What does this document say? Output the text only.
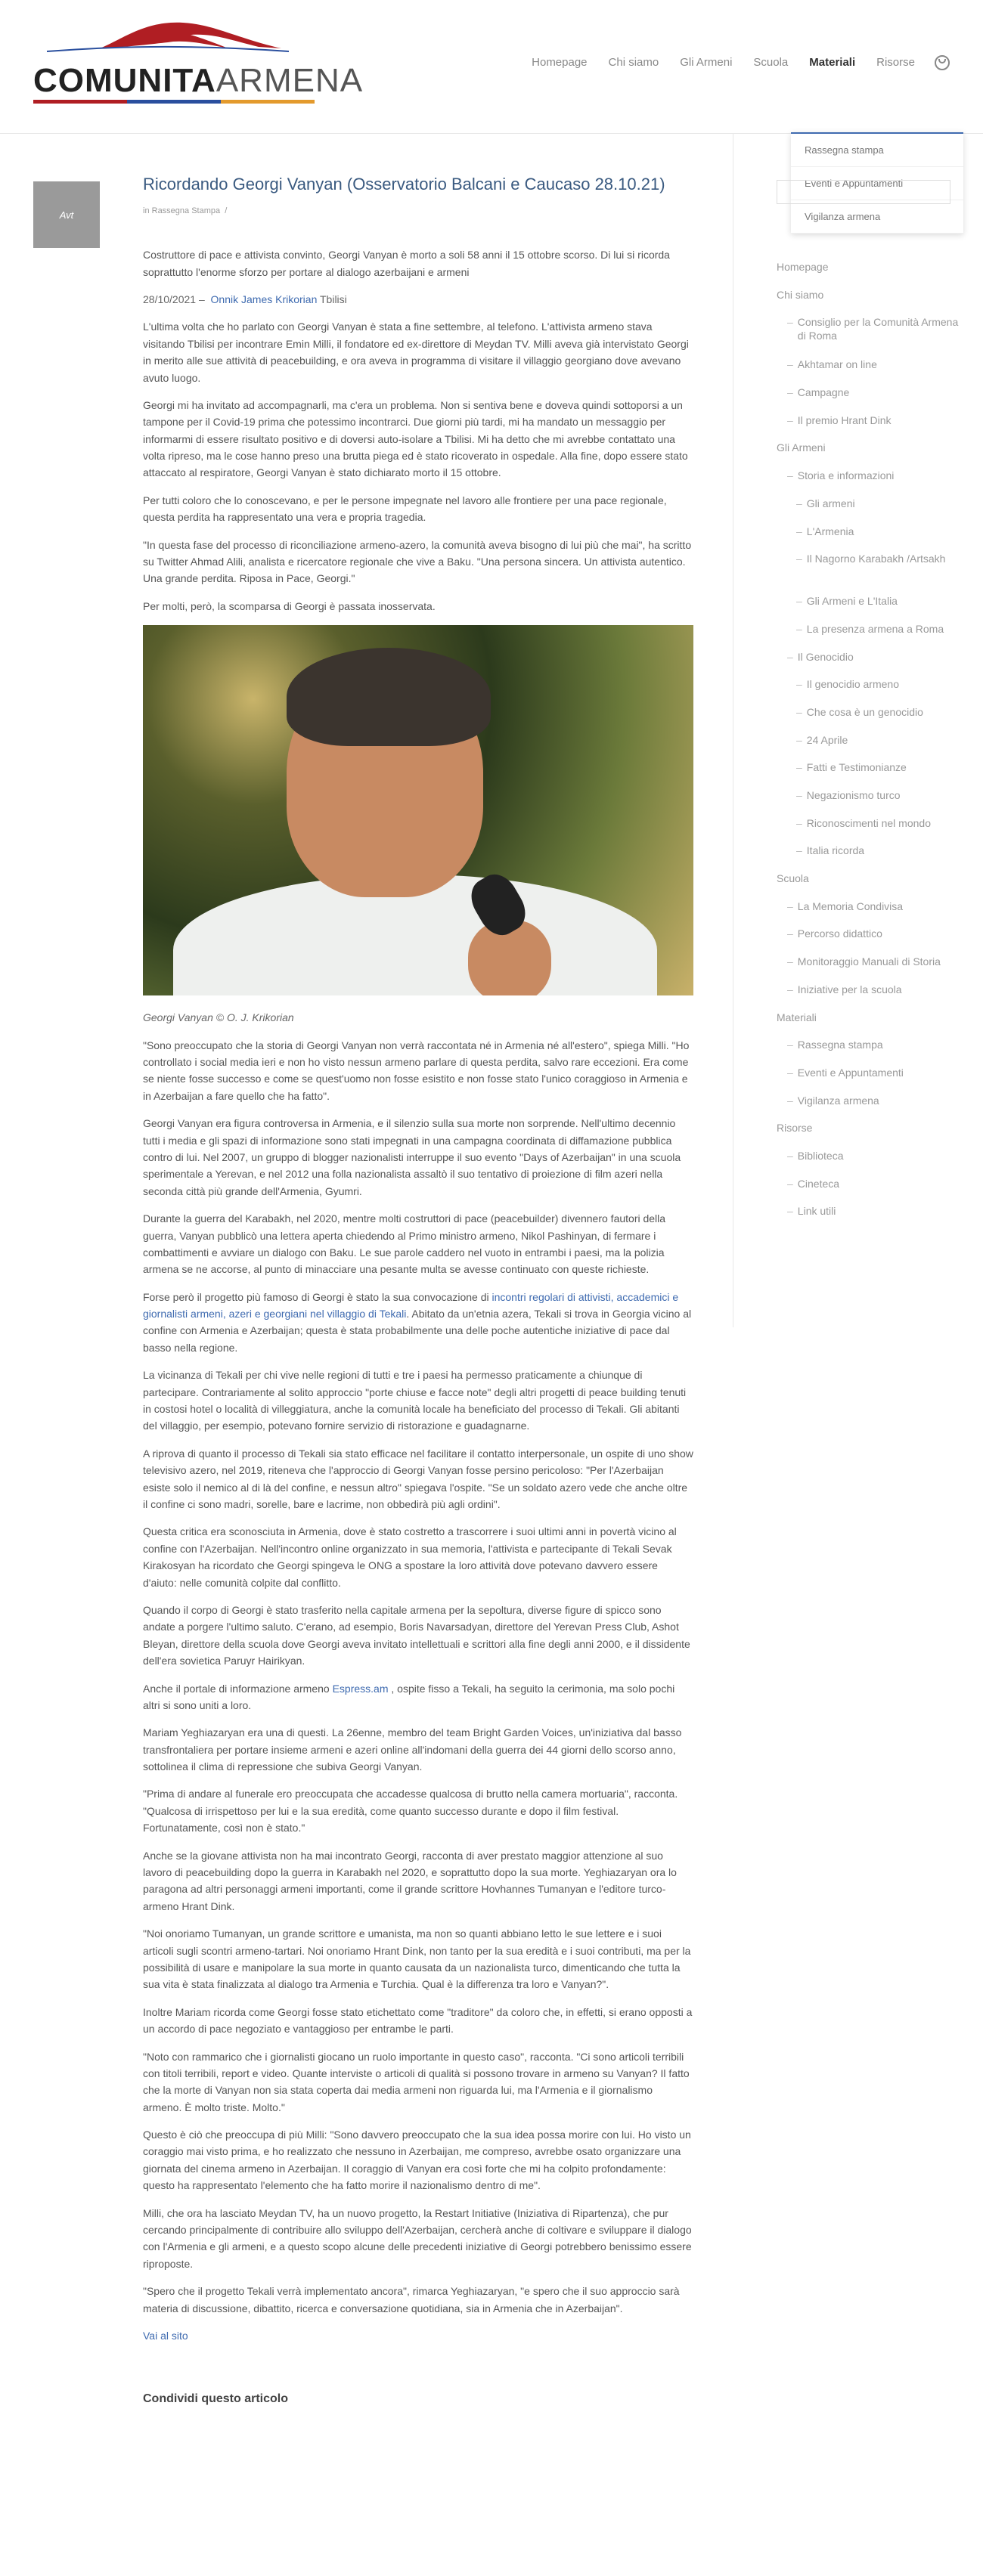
COMUNITAARMENA	Homepage	Chi siamo	Gli Armeni	Scuola	Materiali	Risorse
Rassegna stampa
Eventi e Appuntamenti
Vigilanza armena
Avt
Ricordando Georgi Vanyan (Osservatorio Balcani e Caucaso 28.10.21)
in Rassegna Stampa /

Costruttore di pace e attivista convinto, Georgi Vanyan è morto a soli 58 anni il 15 ottobre scorso. Di lui si ricorda soprattutto l'enorme sforzo per portare al dialogo azerbaijani e armeni

28/10/2021 – Onnik James Krikorian Tbilisi

L'ultima volta che ho parlato con Georgi Vanyan è stata a fine settembre, al telefono. L'attivista armeno stava visitando Tbilisi per incontrare Emin Milli, il fondatore ed ex-direttore di Meydan TV. Milli aveva già intervistato Georgi in merito alle sue attività di peacebuilding, e ora aveva in programma di visitare il villaggio georgiano dove avevano avuto luogo.

Georgi mi ha invitato ad accompagnarli, ma c'era un problema. Non si sentiva bene e doveva quindi sottoporsi a un tampone per il Covid-19 prima che potessimo incontrarci. Due giorni più tardi, mi ha mandato un messaggio per informarmi di essere risultato positivo e di doversi auto-isolare a Tbilisi. Mi ha detto che mi avrebbe contattato una volta ripreso, ma le cose hanno preso una brutta piega ed è stato ricoverato in ospedale. Alla fine, dopo essere stato attaccato al respiratore, Georgi Vanyan è stato dichiarato morto il 15 ottobre.

Per tutti coloro che lo conoscevano, e per le persone impegnate nel lavoro alle frontiere per una pace regionale, questa perdita ha rappresentato una vera e propria tragedia.

"In questa fase del processo di riconciliazione armeno-azero, la comunità aveva bisogno di lui più che mai", ha scritto su Twitter Ahmad Alili, analista e ricercatore regionale che vive a Baku. "Una persona sincera. Un attivista autentico. Una grande perdita. Riposa in Pace, Georgi."

Per molti, però, la scomparsa di Georgi è passata inosservata.

Georgi Vanyan © O. J. Krikorian

"Sono preoccupato che la storia di Georgi Vanyan non verrà raccontata né in Armenia né all'estero", spiega Milli. "Ho controllato i social media ieri e non ho visto nessun armeno parlare di questa perdita, salvo rare eccezioni. Era come se niente fosse successo e come se quest'uomo non fosse esistito e non fosse stato l'unico coraggioso in Armenia e in Azerbaijan a fare quello che ha fatto".

Georgi Vanyan era figura controversa in Armenia, e il silenzio sulla sua morte non sorprende. Nell'ultimo decennio tutti i media e gli spazi di informazione sono stati impegnati in una campagna coordinata di diffamazione pubblica contro di lui. Nel 2007, un gruppo di blogger nazionalisti interruppe il suo evento "Days of Azerbaijan" in una scuola sperimentale a Yerevan, e nel 2012 una folla nazionalista assaltò il suo tentativo di proiezione di film azeri nella seconda città più grande dell'Armenia, Gyumri.

Durante la guerra del Karabakh, nel 2020, mentre molti costruttori di pace (peacebuilder) divennero fautori della guerra, Vanyan pubblicò una lettera aperta chiedendo al Primo ministro armeno, Nikol Pashinyan, di fermare i combattimenti e avviare un dialogo con Baku. Le sue parole caddero nel vuoto in entrambi i paesi, ma la polizia armena se ne accorse, al punto di minacciare una pesante multa se avesse continuato con queste richieste.

Forse però il progetto più famoso di Georgi è stato la sua convocazione di incontri regolari di attivisti, accademici e giornalisti armeni, azeri e georgiani nel villaggio di Tekali. Abitato da un'etnia azera, Tekali si trova in Georgia vicino al confine con Armenia e Azerbaijan; questa è stata probabilmente una delle poche autentiche iniziative di pace dal basso nella regione.

La vicinanza di Tekali per chi vive nelle regioni di tutti e tre i paesi ha permesso praticamente a chiunque di partecipare. Contrariamente al solito approccio "porte chiuse e facce note" degli altri progetti di peace building tenuti in costosi hotel o località di villeggiatura, anche la comunità locale ha beneficiato del processo di Tekali. Gli abitanti del villaggio, per esempio, potevano fornire servizio di ristorazione e guadagnarne.

A riprova di quanto il processo di Tekali sia stato efficace nel facilitare il contatto interpersonale, un ospite di uno show televisivo azero, nel 2019, riteneva che l'approccio di Georgi Vanyan fosse persino pericoloso: "Per l'Azerbaijan esiste solo il nemico al di là del confine, e nessun altro" spiegava l'ospite. "Se un soldato azero vede che anche oltre il confine ci sono madri, sorelle, bare e lacrime, non obbedirà più agli ordini".

Questa critica era sconosciuta in Armenia, dove è stato costretto a trascorrere i suoi ultimi anni in povertà vicino al confine con l'Azerbaijan. Nell'incontro online organizzato in sua memoria, l'attivista e partecipante di Tekali Sevak Kirakosyan ha ricordato che Georgi spingeva le ONG a spostare la loro attività dove potevano davvero essere d'aiuto: nelle comunità colpite dal conflitto.

Quando il corpo di Georgi è stato trasferito nella capitale armena per la sepoltura, diverse figure di spicco sono andate a porgere l'ultimo saluto. C'erano, ad esempio, Boris Navarsadyan, direttore del Yerevan Press Club, Ashot Bleyan, direttore della scuola dove Georgi aveva invitato intellettuali e scrittori alla fine degli anni 2000, e il dissidente dell'era sovietica Paruyr Hairikyan.

Anche il portale di informazione armeno Espress.am , ospite fisso a Tekali, ha seguito la cerimonia, ma solo pochi altri si sono uniti a loro.

Mariam Yeghiazaryan era una di questi. La 26enne, membro del team Bright Garden Voices, un'iniziativa dal basso transfrontaliera per portare insieme armeni e azeri online all'indomani della guerra dei 44 giorni dello scorso anno, sottolinea il clima di repressione che subiva Georgi Vanyan.

"Prima di andare al funerale ero preoccupata che accadesse qualcosa di brutto nella camera mortuaria", racconta. "Qualcosa di irrispettoso per lui e la sua eredità, come quanto successo durante e dopo il film festival. Fortunatamente, così non è stato."

Anche se la giovane attivista non ha mai incontrato Georgi, racconta di aver prestato maggior attenzione al suo lavoro di peacebuilding dopo la guerra in Karabakh nel 2020, e soprattutto dopo la sua morte. Yeghiazaryan ora lo paragona ad altri personaggi armeni importanti, come il grande scrittore Hovhannes Tumanyan e l'editore turco-armeno Hrant Dink.

"Noi onoriamo Tumanyan, un grande scrittore e umanista, ma non so quanti abbiano letto le sue lettere e i suoi articoli sugli scontri armeno-tartari. Noi onoriamo Hrant Dink, non tanto per la sua eredità e i suoi contributi, ma per la possibilità di usare e manipolare la sua morte in quanto causata da un nazionalista turco, dimenticando che tutta la sua vita è stata finalizzata al dialogo tra Armenia e Turchia. Qual è la differenza tra loro e Vanyan?".

Inoltre Mariam ricorda come Georgi fosse stato etichettato come "traditore" da coloro che, in effetti, si erano opposti a un accordo di pace negoziato e vantaggioso per entrambe le parti.

"Noto con rammarico che i giornalisti giocano un ruolo importante in questo caso", racconta. "Ci sono articoli terribili con titoli terribili, report e video. Quante interviste o articoli di qualità si possono trovare in armeno su Vanyan? Il fatto che la morte di Vanyan non sia stata coperta dai media armeni non riguarda lui, ma l'Armenia e il giornalismo armeno. È molto triste. Molto."

Questo è ciò che preoccupa di più Milli: "Sono davvero preoccupato che la sua idea possa morire con lui. Ho visto un coraggio mai visto prima, e ho realizzato che nessuno in Azerbaijan, me compreso, avrebbe osato organizzare una giornata del cinema armeno in Azerbaijan. Il coraggio di Vanyan era così forte che mi ha colpito profondamente: questo ha rappresentato l'elemento che ha fatto morire il nazionalismo dentro di me".

Milli, che ora ha lasciato Meydan TV, ha un nuovo progetto, la Restart Initiative (Iniziativa di Ripartenza), che pur cercando principalmente di contribuire allo sviluppo dell'Azerbaijan, cercherà anche di coltivare e sviluppare il dialogo con l'Armenia e gli armeni, e a questo scopo alcune delle precedenti iniziative di Georgi potrebbero benissimo essere riproposte.

"Spero che il progetto Tekali verrà implementato ancora", rimarca Yeghiazaryan, "e spero che il suo approccio sarà materia di discussione, dibattito, ricerca e conversazione quotidiana, sia in Armenia che in Azerbaijan".

Vai al sito

Condividi questo articolo
Homepage
Chi siamo
– Consiglio per la Comunità Armena di Roma
– Akhtamar on line
– Campagne
– Il premio Hrant Dink
Gli Armeni
– Storia e informazioni
– Gli armeni
– L'Armenia
– Il Nagorno Karabakh /Artsakh
– Gli Armeni e L'Italia
– La presenza armena a Roma
– Il Genocidio
– Il genocidio armeno
– Che cosa è un genocidio
– 24 Aprile
– Fatti e Testimonianze
– Negazionismo turco
– Riconoscimenti nel mondo
– Italia ricorda
Scuola
– La Memoria Condivisa
– Percorso didattico
– Monitoraggio Manuali di Storia
– Iniziative per la scuola
Materiali
– Rassegna stampa
– Eventi e Appuntamenti
– Vigilanza armena
Risorse
– Biblioteca
– Cineteca
– Link utili
